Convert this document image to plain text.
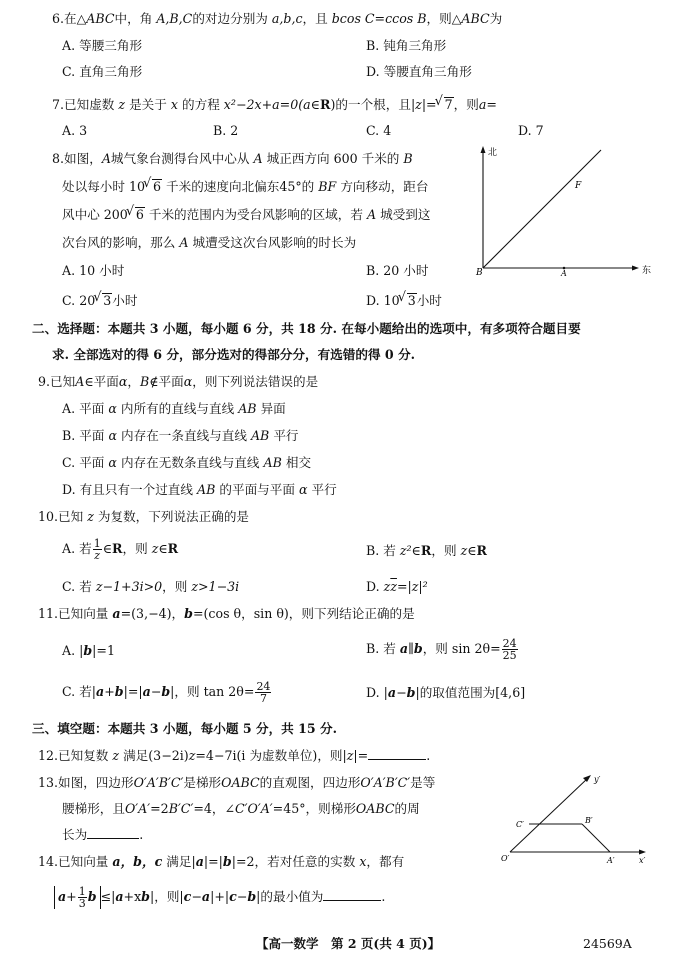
6.在△ABC中，角 A,B,C的对边分别为 a,b,c，且 bcos C=ccos B，则△ABC为
A. 等腰三角形	B. 钝角三角形
C. 直角三角形	D. 等腰直角三角形
7.已知虚数 z 是关于 x 的方程 x²−2x+a=0(a∈R)的一个根，且|z|= √ 7，则a=
A. 3	B. 2	C. 4	D. 7
8.如图，A城气象台测得台风中心从 A 城正西方向 600 千米的 B
处以每小时 10 √ 6 千米的速度向北偏东45°的 BF 方向移动，距台
风中心 200 √ 6 千米的范围内为受台风影响的区域，若 A 城受到这
次台风的影响，那么 A 城遭受这次台风影响的时长为
A. 10 小时	B. 20 小时
C. 20 √ 3小时	D. 10 √ 3小时
北
东
F
B	A
二、选择题：本题共 3 小题，每小题 6 分，共 18 分. 在每小题给出的选项中，有多项符合题目要
求. 全部选对的得 6 分，部分选对的得部分分，有选错的得 0 分.
9.已知A∈平面α，B∉平面α，则下列说法错误的是
A. 平面 α 内所有的直线与直线 AB 异面
B. 平面 α 内存在一条直线与直线 AB 平行
C. 平面 α 内存在无数条直线与直线 AB 相交
D. 有且只有一个过直线 AB 的平面与平面 α 平行
10.已知 z 为复数，下列说法正确的是
A. 若 $\frac{1}{z}$ ∈R，则 z∈R	B. 若 z²∈R，则 z∈R
C. 若 z−1+3i>0，则 z>1−3i	D. $z\overline{z}=|z|^2$
11.已知向量 a=(3,−4)，b=(cos θ，sin θ)，则下列结论正确的是
A. |b|=1	B. 若 a∥b，则 $\sin 2\theta= \frac{24}{25}$
C. 若|a+b|=|a−b|，则 $\tan 2\theta= \frac{24}{7}$	D. |a−b|的取值范围为[4,6]
三、填空题：本题共 3 小题，每小题 5 分，共 15 分.
12.已知复数 z 满足(3−2i)z=4−7i(i 为虚数单位)，则|z|=	.
13.如图，四边形O′A′B′C′是梯形OABC的直观图，四边形O′A′B′C′是等
腰梯形，且O′A′=2B′C′=4，∠C′O′A′=45°，则梯形OABC的周
长为	.
y′
x′
C′	B′
O′	A′
14.已知向量 a，b，c 满足|a|=|b|=2，若对任意的实数 x，都有
$a+ \frac{1}{3}$ b ≤|a+xb|，则|c−a|+|c−b|的最小值为	.
【高一数学　第 2 页(共 4 页)】	24569A
